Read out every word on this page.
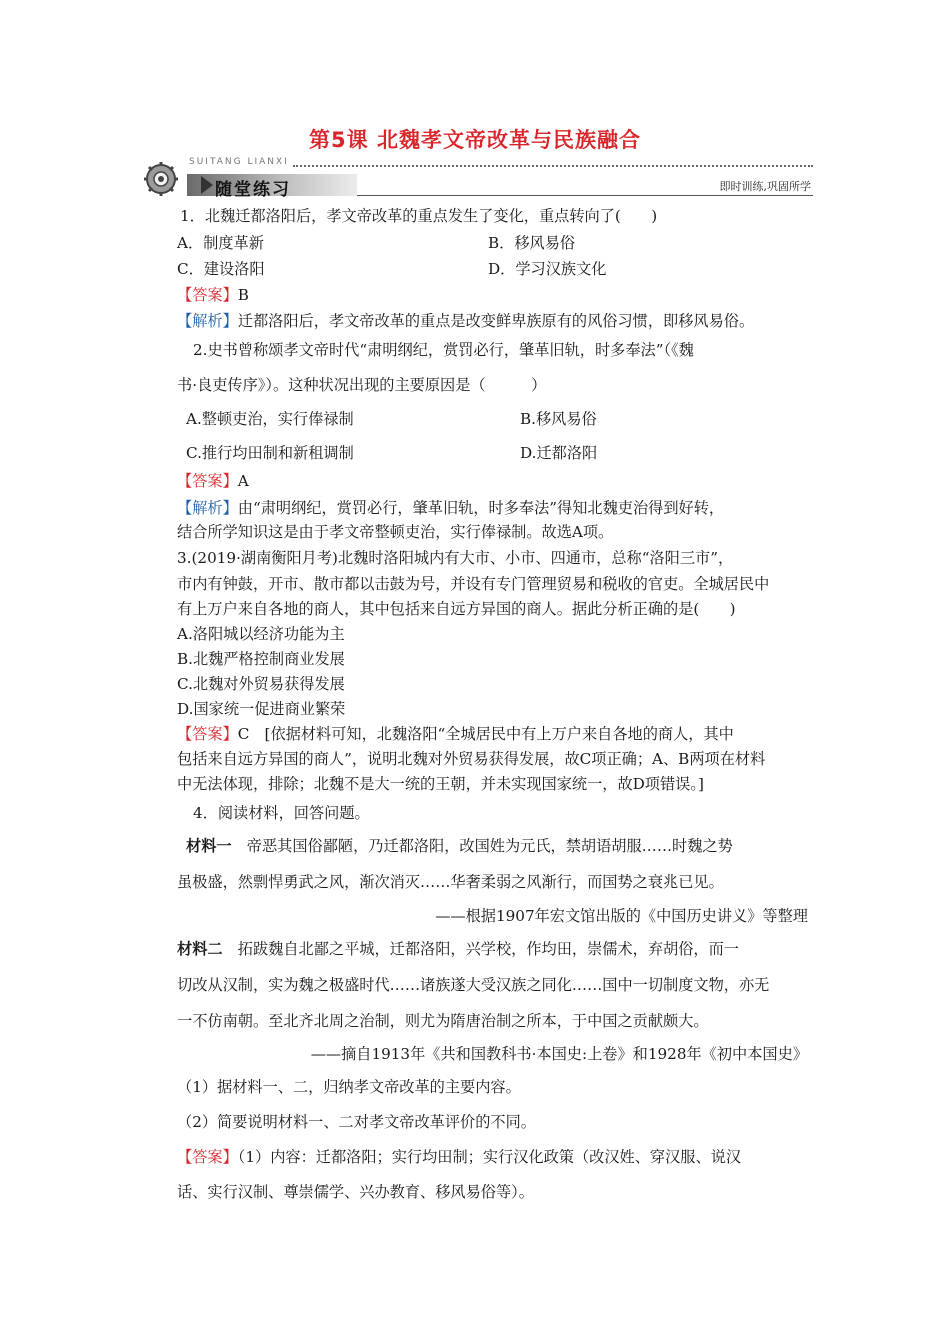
第5课 北魏孝文帝改革与民族融合
SUITANG LIANXI
随堂练习	即时训练,巩固所学
1．北魏迁都洛阳后，孝文帝改革的重点发生了变化，重点转向了(　　)
A．制度革新	B．移风易俗
C．建设洛阳	D．学习汉族文化
【答案】B
【解析】迁都洛阳后，孝文帝改革的重点是改变鲜卑族原有的风俗习惯，即移风易俗。
2.史书曾称颂孝文帝时代“肃明纲纪，赏罚必行，肇革旧轨，时多奉法”（《魏
书·良吏传序》）。这种状况出现的主要原因是（　　　）
A.整顿吏治，实行俸禄制	B.移风易俗
C.推行均田制和新租调制	D.迁都洛阳
【答案】A
【解析】由“肃明纲纪，赏罚必行，肇革旧轨，时多奉法”得知北魏吏治得到好转，
结合所学知识这是由于孝文帝整顿吏治，实行俸禄制。故选A项。
3.(2019·湖南衡阳月考)北魏时洛阳城内有大市、小市、四通市，总称“洛阳三市”，
市内有钟鼓，开市、散市都以击鼓为号，并设有专门管理贸易和税收的官吏。全城居民中
有上万户来自各地的商人，其中包括来自远方异国的商人。据此分析正确的是(　　)
A.洛阳城以经济功能为主
B.北魏严格控制商业发展
C.北魏对外贸易获得发展
D.国家统一促进商业繁荣
【答案】C　[依据材料可知，北魏洛阳“全城居民中有上万户来自各地的商人，其中
包括来自远方异国的商人”，说明北魏对外贸易获得发展，故C项正确；A、B两项在材料
中无法体现，排除；北魏不是大一统的王朝，并未实现国家统一，故D项错误。]
4．阅读材料，回答问题。
材料一　帝恶其国俗鄙陋，乃迁都洛阳，改国姓为元氏，禁胡语胡服……时魏之势
虽极盛，然剽悍勇武之风，渐次消灭……华奢柔弱之风渐行，而国势之衰兆已见。
——根据1907年宏文馆出版的《中国历史讲义》等整理
材料二　拓跋魏自北鄙之平城，迁都洛阳，兴学校，作均田，崇儒术，弃胡俗，而一
切改从汉制，实为魏之极盛时代……诸族遂大受汉族之同化……国中一切制度文物，亦无
一不仿南朝。至北齐北周之治制，则尤为隋唐治制之所本，于中国之贡献颇大。
——摘自1913年《共和国教科书·本国史:上卷》和1928年《初中本国史》
（1）据材料一、二，归纳孝文帝改革的主要内容。
（2）简要说明材料一、二对孝文帝改革评价的不同。
【答案】（1）内容：迁都洛阳；实行均田制；实行汉化政策（改汉姓、穿汉服、说汉
话、实行汉制、尊崇儒学、兴办教育、移风易俗等）。
